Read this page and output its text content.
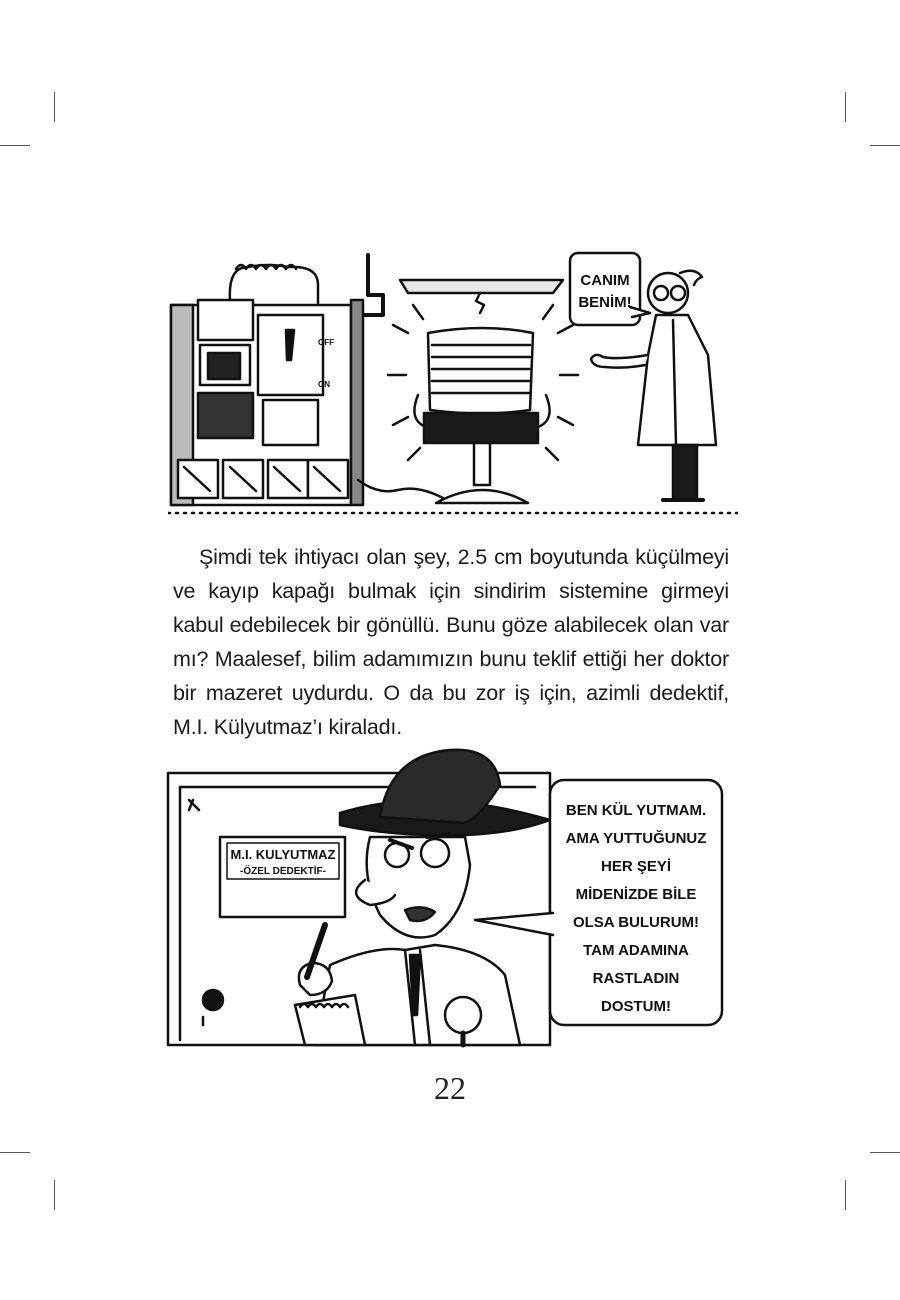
OFF
ON
CANIM
BENİM!

Şimdi tek ihtiyacı olan şey, 2.5 cm boyutunda küçülmeyi ve kayıp kapağı bulmak için sindirim sistemine girmeyi kabul edebilecek bir gönüllü. Bunu göze alabilecek olan var mı? Maalesef, bilim adamımızın bunu teklif ettiği her doktor bir mazeret uydurdu. O da bu zor iş için, azimli dedektif, M.I. Külyutmaz’ı kiraladı.

M.I. KULYUTMAZ
-ÖZEL DEDEKTİF-
BEN KÜL YUTMAM.
AMA YUTTUĞUNUZ
HER ŞEYİ
MİDENİZDE BİLE
OLSA BULURUM!
TAM ADAMINA
RASTLADIN
DOSTUM!
22
